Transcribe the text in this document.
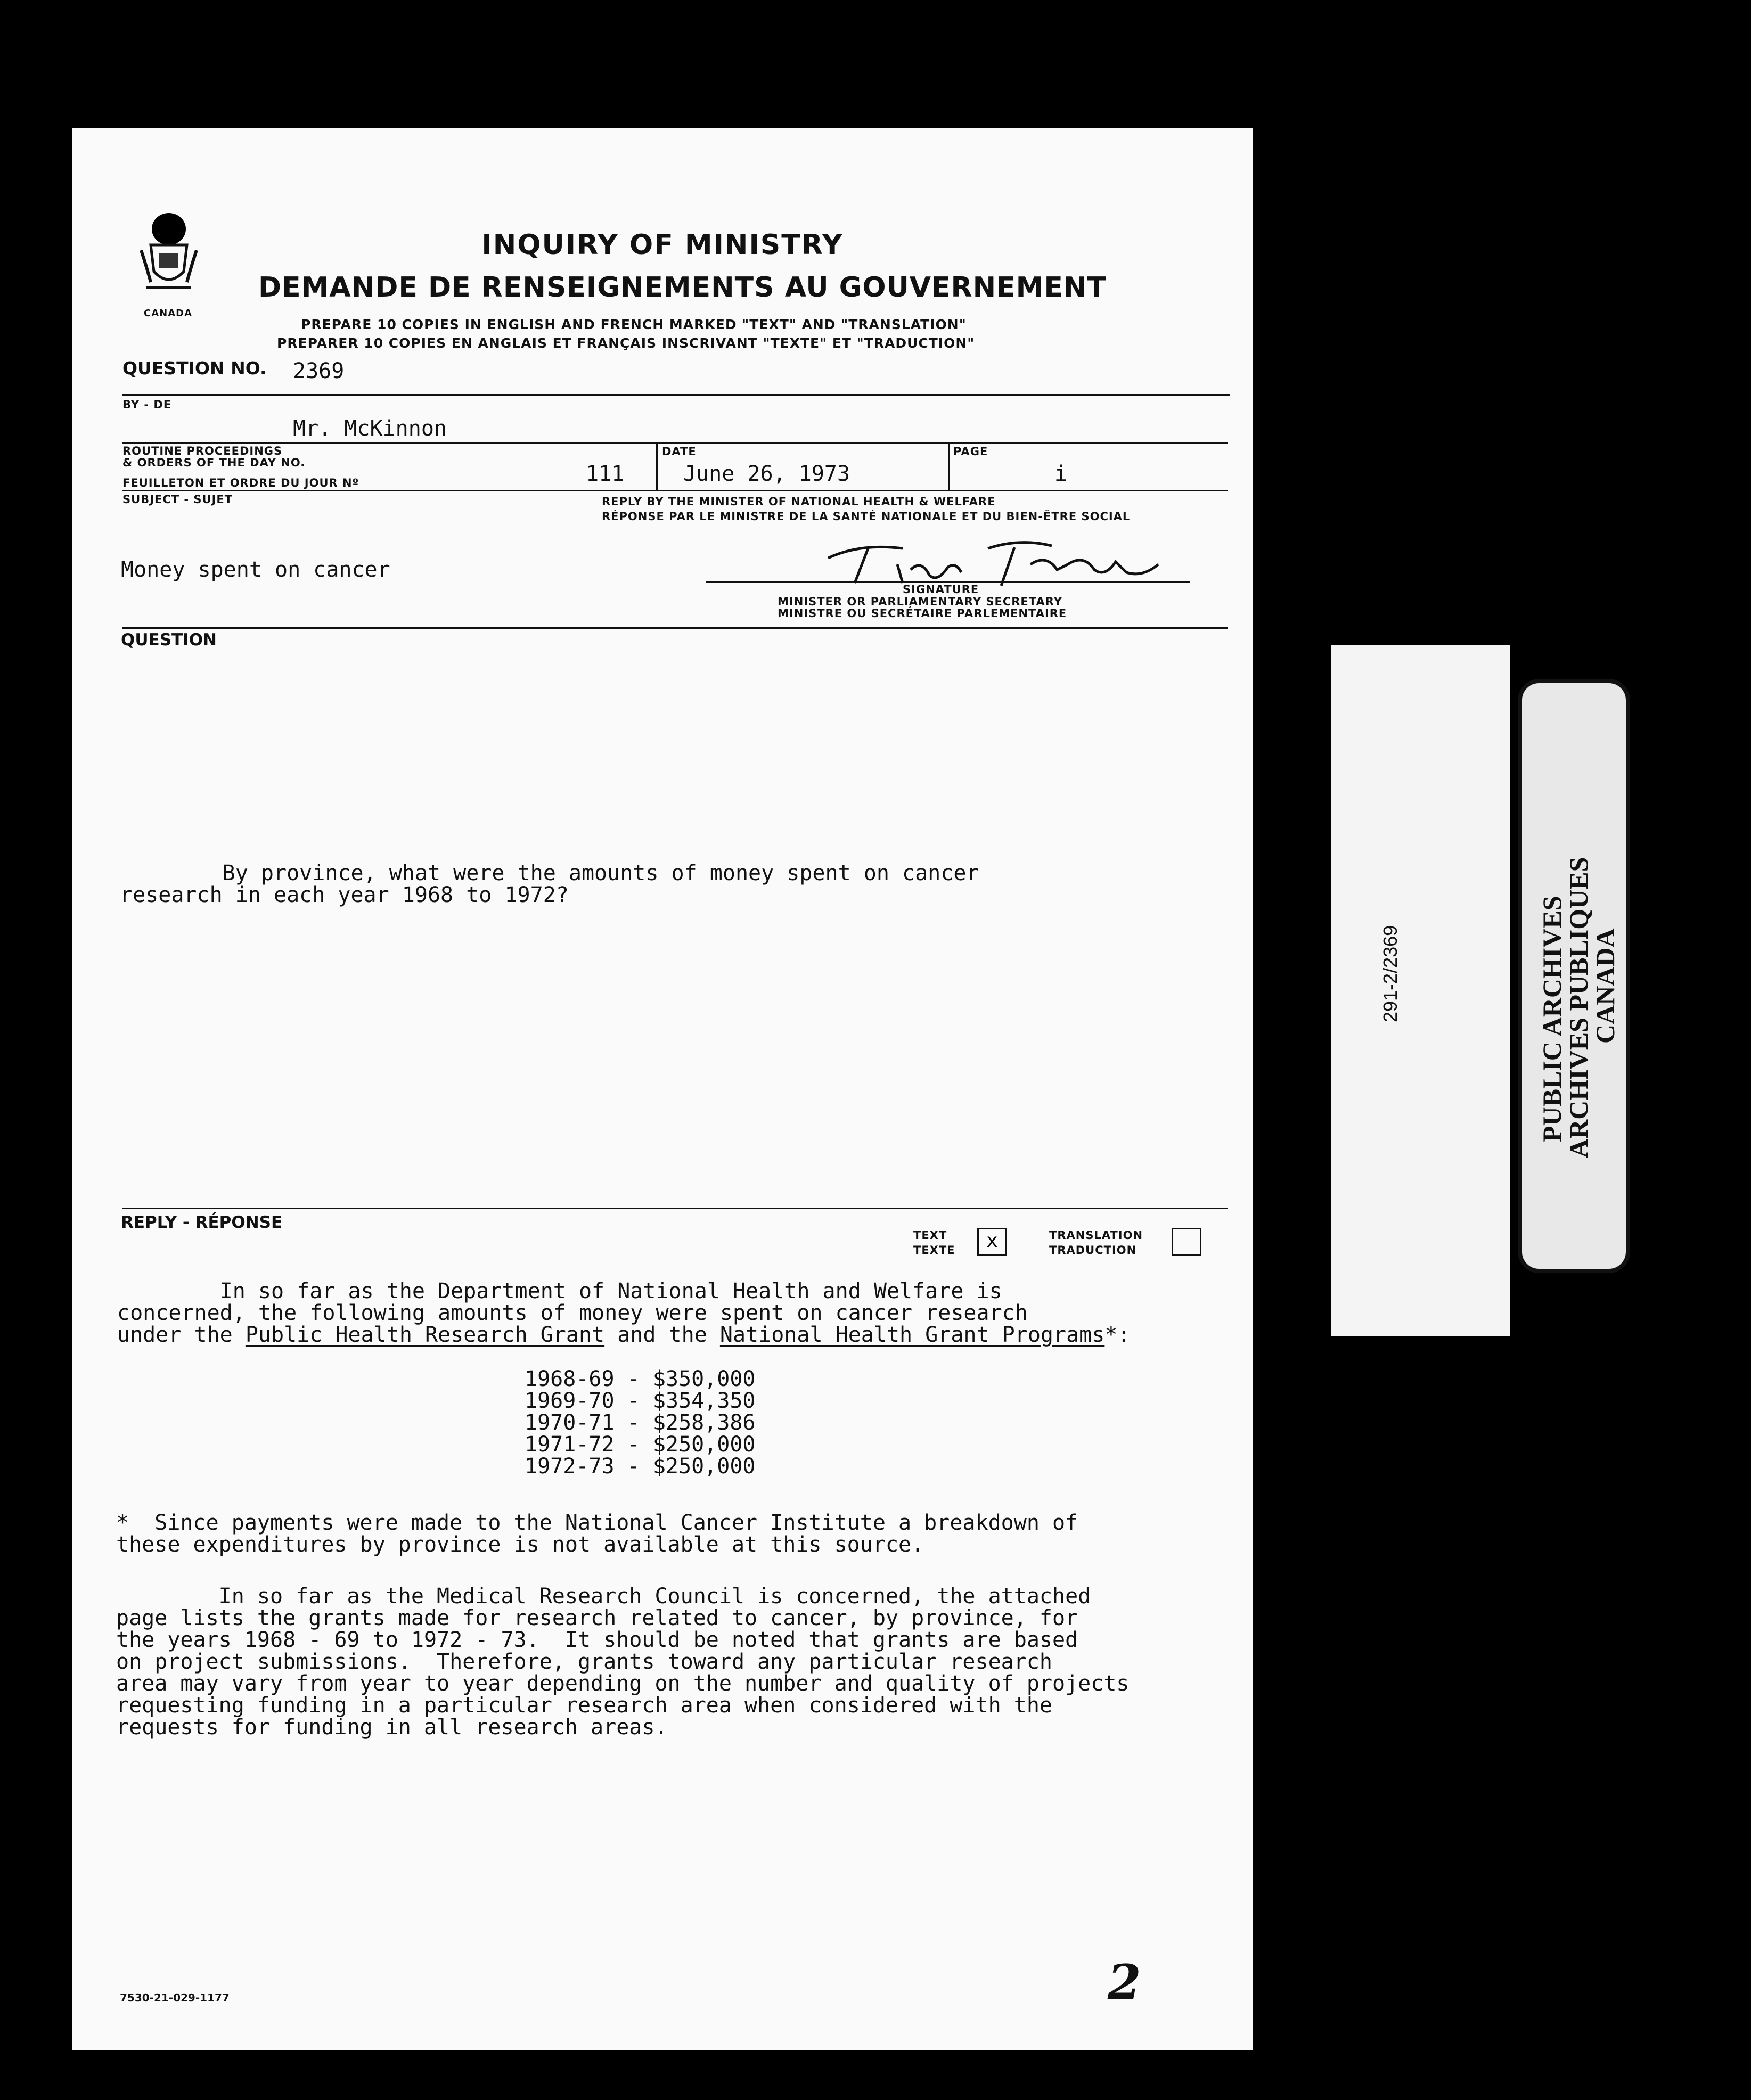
CANADA
INQUIRY OF MINISTRY
DEMANDE DE RENSEIGNEMENTS AU GOUVERNEMENT
PREPARE 10 COPIES IN ENGLISH AND FRENCH MARKED "TEXT" AND "TRANSLATION"
PREPARER 10 COPIES EN ANGLAIS ET FRANÇAIS INSCRIVANT "TEXTE" ET "TRADUCTION"
QUESTION NO. 2369
BY - DE
Mr. McKinnon
ROUTINE PROCEEDINGS
& ORDERS OF THE DAY NO.
FEUILLETON ET ORDRE DU JOUR Nº	111
DATE
June 26, 1973
PAGE
i
SUBJECT - SUJET	REPLY BY THE MINISTER OF NATIONAL HEALTH & WELFARE
RÉPONSE PAR LE MINISTRE DE LA SANTÉ NATIONALE ET DU BIEN-ÊTRE SOCIAL
Money spent on cancer
SIGNATURE
MINISTER OR PARLIAMENTARY SECRETARY
MINISTRE OU SECRÉTAIRE PARLEMENTAIRE
QUESTION
By province, what were the amounts of money spent on cancer
research in each year 1968 to 1972?
REPLY - RÉPONSE
TEXT
TEXTE	x	TRANSLATION
TRADUCTION
In so far as the Department of National Health and Welfare is
concerned, the following amounts of money were spent on cancer research
under the Public Health Research Grant and the National Health Grant Programs*:
1968-69 - $350,000
1969-70 - $354,350
1970-71 - $258,386
1971-72 - $250,000
1972-73 - $250,000
*  Since payments were made to the National Cancer Institute a breakdown of
these expenditures by province is not available at this source.
In so far as the Medical Research Council is concerned, the attached
page lists the grants made for research related to cancer, by province, for
the years 1968 - 69 to 1972 - 73.  It should be noted that grants are based
on project submissions.  Therefore, grants toward any particular research
area may vary from year to year depending on the number and quality of projects
requesting funding in a particular research area when considered with the
requests for funding in all research areas.
7530-21-029-1177	2
291-2/2369	PUBLIC ARCHIVES
ARCHIVES PUBLIQUES
CANADA
